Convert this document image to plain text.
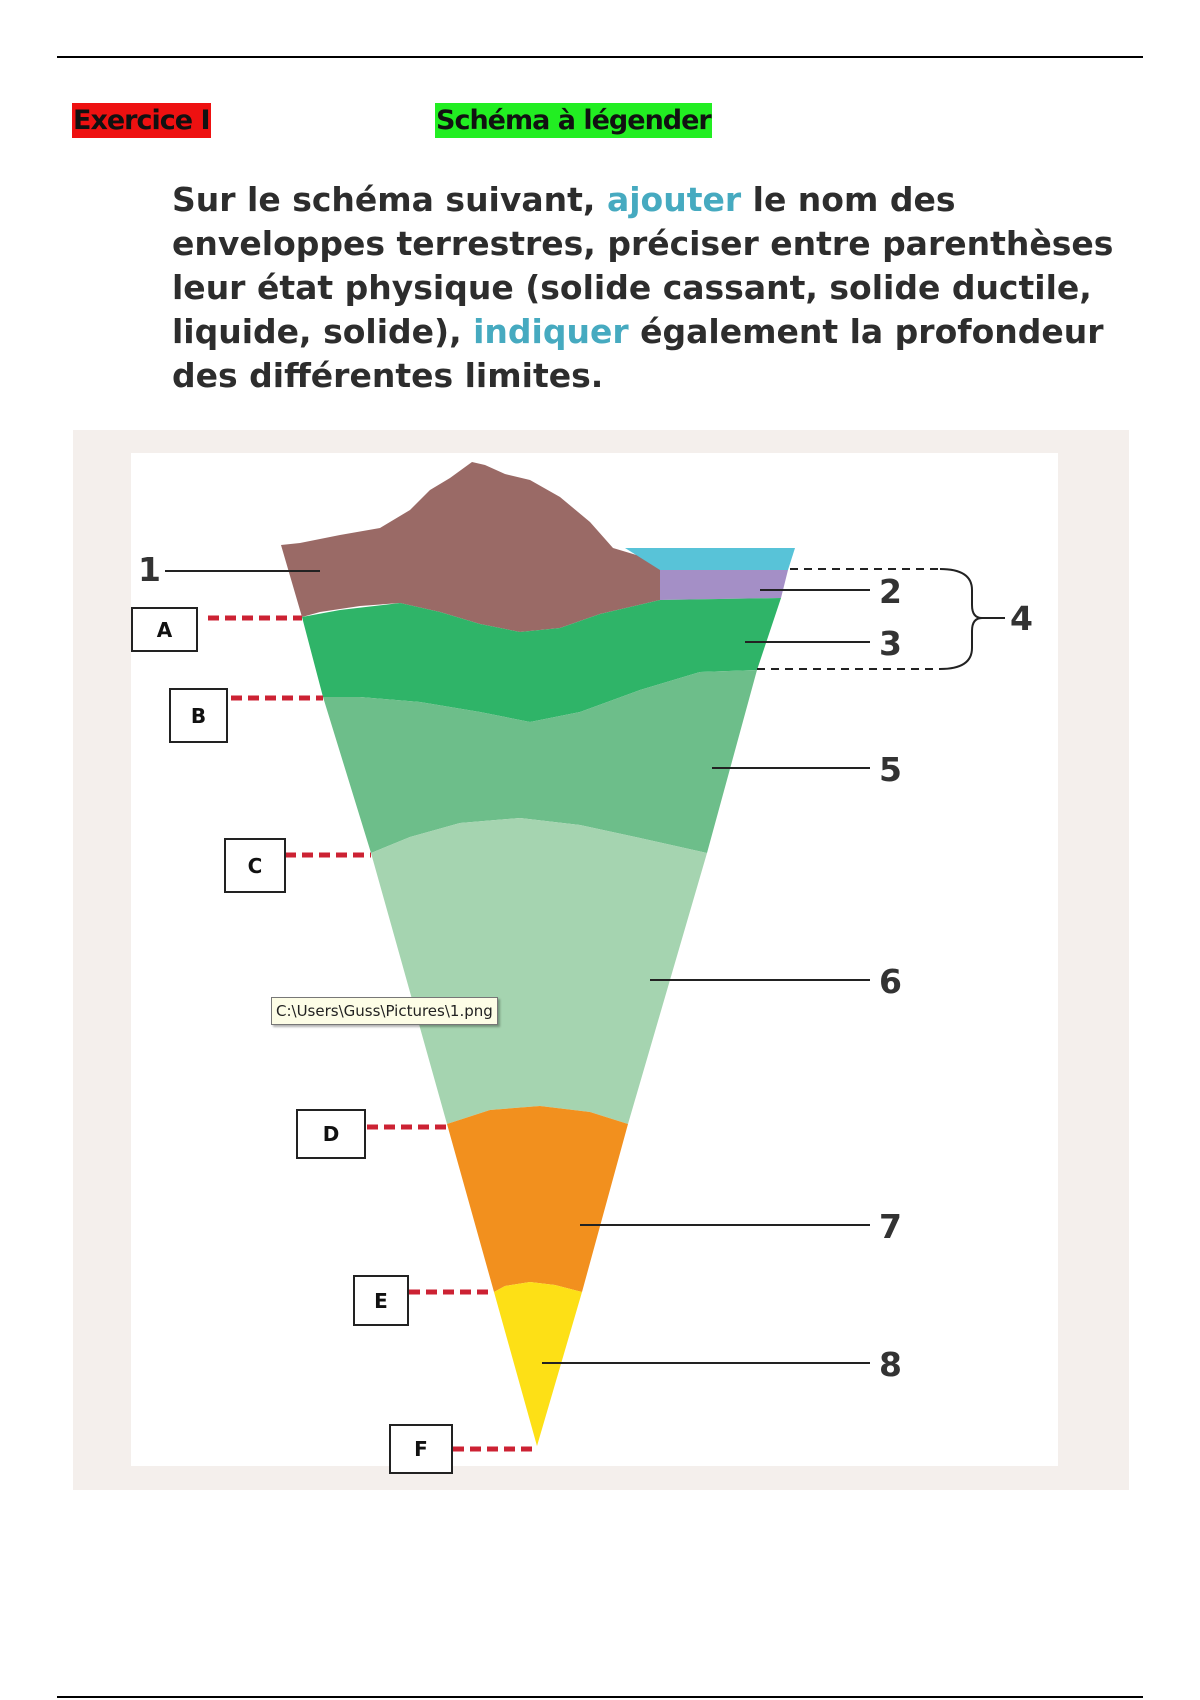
Exercice I	Schéma à légender
Sur le schéma suivant, ajouter le nom des
enveloppes terrestres, préciser entre parenthèses
leur état physique (solide cassant, solide ductile,
liquide, solide), indiquer également la profondeur
des différentes limites.
1
2
3
4
5
6
7
8
A
B
C
D
E
F
C:\Users\Guss\Pictures\1.png
